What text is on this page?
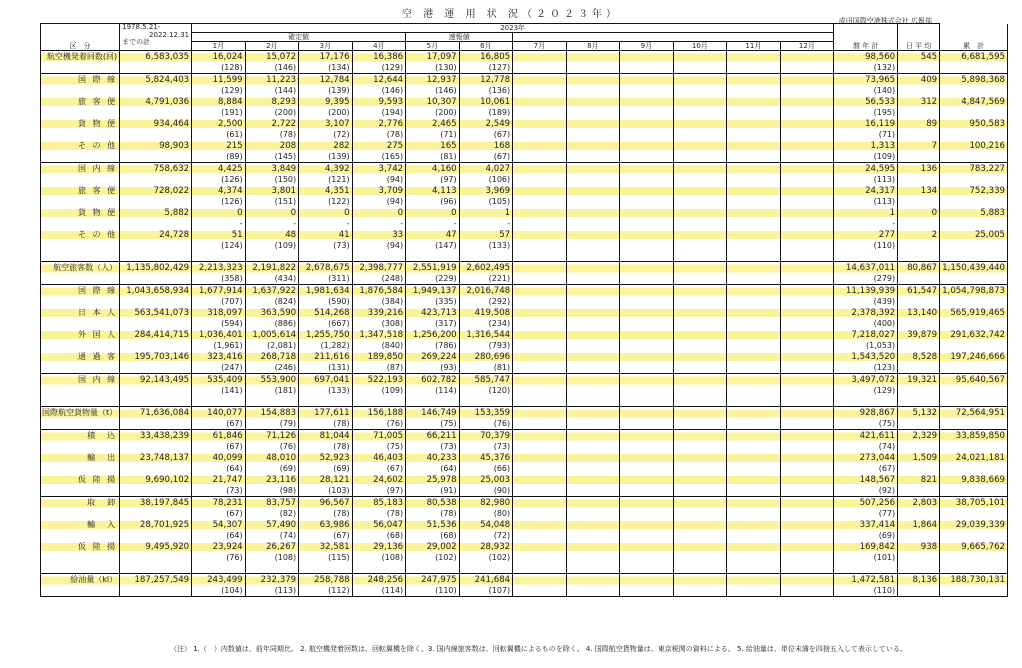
空 港 運 用 状 況（２０２３年）
成田国際空港株式会社 広報部
区　分	1978.5.21-
2022.12.31
までの計	2023年														
		確定値				速報値										
		1月	2月	3月	4月	5月	6月	7月	8月	9月	10月	11月	12月	暦 年 計	日 平 均	累　計
航空機発着回数(回)	6,583,035	16,024	15,072	17,176	16,386	17,097	16,805							98,560	545	6,681,595
		(128)	(146)	(134)	(129)	(130)	(127)							(132)		
国 際 線	5,824,403	11,599	11,223	12,784	12,644	12,937	12,778							73,965	409	5,898,368
		(129)	(144)	(139)	(146)	(146)	(136)							(140)		
旅 客 便	4,791,036	8,884	8,293	9,395	9,593	10,307	10,061							56,533	312	4,847,569
		(191)	(200)	(200)	(194)	(200)	(189)							(195)		
貨 物 便	934,464	2,500	2,722	3,107	2,776	2,465	2,549							16,119	89	950,583
		(61)	(78)	(72)	(78)	(71)	(67)							(71)		
そ の 他	98,903	215	208	282	275	165	168							1,313	7	100,216
		(89)	(145)	(139)	(165)	(81)	(67)							(109)		
国 内 線	758,632	4,425	3,849	4,392	3,742	4,160	4,027							24,595	136	783,227
		(126)	(150)	(121)	(94)	(97)	(106)							(113)		
旅 客 便	728,022	4,374	3,801	4,351	3,709	4,113	3,969							24,317	134	752,339
		(126)	(151)	(122)	(94)	(96)	(105)							(113)		
貨 物 便	5,882	0	0	0	0	0	1							1	0	5,883
		-	-	-	-	-	-							-		
そ の 他	24,728	51	48	41	33	47	57							277	2	25,005
		(124)	(109)	(73)	(94)	(147)	(133)							(110)		

航空旅客数（人）	1,135,802,429	2,213,323	2,191,822	2,678,675	2,398,777	2,551,919	2,602,495							14,637,011	80,867	1,150,439,440
		(358)	(434)	(311)	(248)	(229)	(221)							(279)		
国 際 線	1,043,658,934	1,677,914	1,637,922	1,981,634	1,876,584	1,949,137	2,016,748							11,139,939	61,547	1,054,798,873
		(707)	(824)	(590)	(384)	(335)	(292)							(439)		
日 本 人	563,541,073	318,097	363,590	514,268	339,216	423,713	419,508							2,378,392	13,140	565,919,465
		(594)	(886)	(667)	(308)	(317)	(234)							(400)		
外 国 人	284,414,715	1,036,401	1,005,614	1,255,750	1,347,518	1,256,200	1,316,544							7,218,027	39,879	291,632,742
		(1,961)	(2,081)	(1,282)	(840)	(786)	(793)							(1,053)		
通 過 客	195,703,146	323,416	268,718	211,616	189,850	269,224	280,696							1,543,520	8,528	197,246,666
		(247)	(246)	(131)	(87)	(93)	(81)							(123)		
国 内 線	92,143,495	535,409	553,900	697,041	522,193	602,782	585,747							3,497,072	19,321	95,640,567
		(141)	(181)	(133)	(109)	(114)	(120)							(129)		

国際航空貨物量（t）	71,636,084	140,077	154,883	177,611	156,188	146,749	153,359							928,867	5,132	72,564,951
		(67)	(79)	(78)	(76)	(75)	(76)							(75)		
積　込	33,438,239	61,846	71,126	81,044	71,005	66,211	70,379							421,611	2,329	33,859,850
		(67)	(76)	(78)	(75)	(73)	(73)							(74)		
輸　出	23,748,137	40,099	48,010	52,923	46,403	40,233	45,376							273,044	1,509	24,021,181
		(64)	(69)	(69)	(67)	(64)	(66)							(67)		
仮 陸 揚	9,690,102	21,747	23,116	28,121	24,602	25,978	25,003							148,567	821	9,838,669
		(73)	(98)	(103)	(97)	(91)	(90)							(92)		
取　卸	38,197,845	78,231	83,757	96,567	85,183	80,538	82,980							507,256	2,803	38,705,101
		(67)	(82)	(78)	(78)	(78)	(80)							(77)		
輸　入	28,701,925	54,307	57,490	63,986	56,047	51,536	54,048							337,414	1,864	29,039,339
		(64)	(74)	(67)	(68)	(68)	(72)							(69)		
仮 陸 揚	9,495,920	23,924	26,267	32,581	29,136	29,002	28,932							169,842	938	9,665,762
		(76)	(108)	(115)	(108)	(102)	(102)							(101)		

給油量（kl）	187,257,549	243,499	232,379	258,788	248,256	247,975	241,684							1,472,581	8,136	188,730,131
		(104)	(113)	(112)	(114)	(110)	(107)							(110)		
（注） 1.（　）内数値は、前年同期比。 2. 航空機発着回数は、回転翼機を除く。3. 国内線旅客数は、回転翼機によるものを除く。 4. 国際航空貨物量は、東京税関の資料による。 5. 給油量は、単位未満を四捨五入して表示している。
